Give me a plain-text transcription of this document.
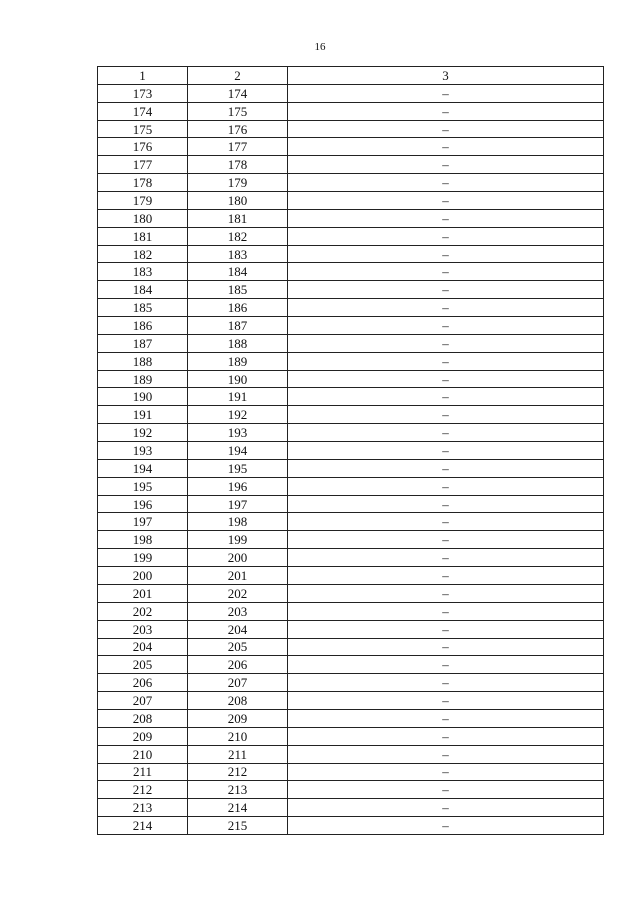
16
1	2	3
173	174	–
174	175	–
175	176	–
176	177	–
177	178	–
178	179	–
179	180	–
180	181	–
181	182	–
182	183	–
183	184	–
184	185	–
185	186	–
186	187	–
187	188	–
188	189	–
189	190	–
190	191	–
191	192	–
192	193	–
193	194	–
194	195	–
195	196	–
196	197	–
197	198	–
198	199	–
199	200	–
200	201	–
201	202	–
202	203	–
203	204	–
204	205	–
205	206	–
206	207	–
207	208	–
208	209	–
209	210	–
210	211	–
211	212	–
212	213	–
213	214	–
214	215	–
